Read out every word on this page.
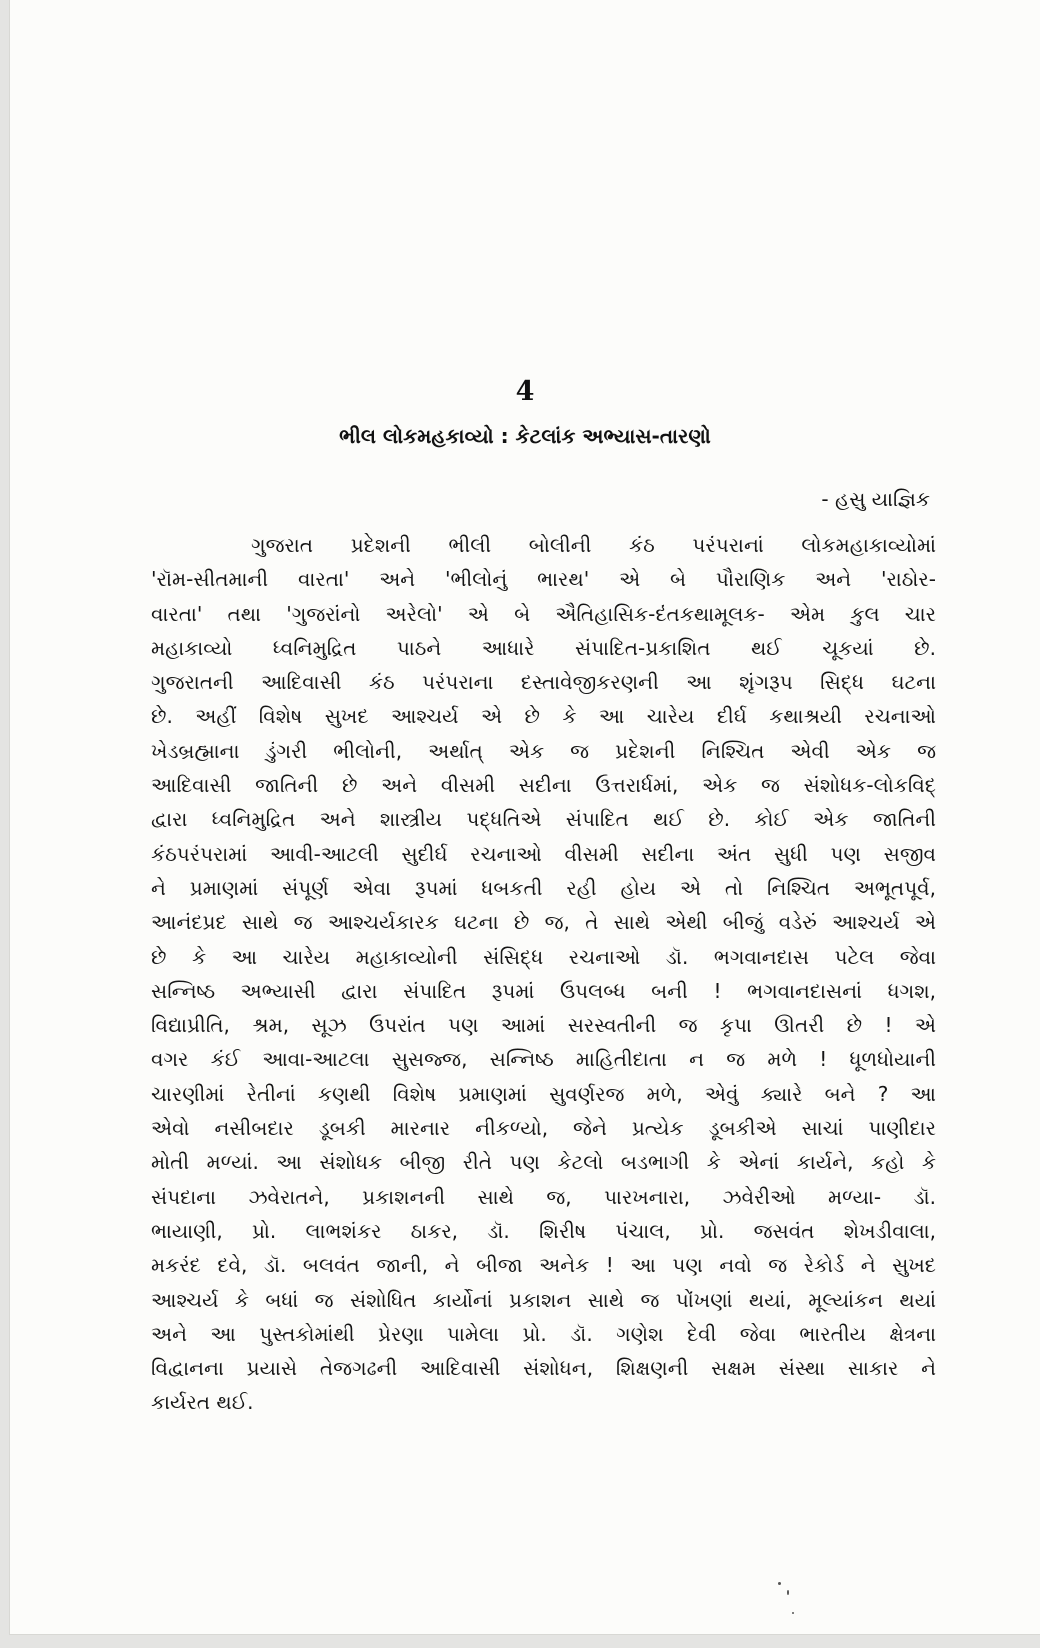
4
ભીલ લોકમહકાવ્યો : કેટલાંક અભ્યાસ-તારણો
- હસુ યાજ્ઞિક
ગુજરાત પ્રદેશની ભીલી બોલીની કંઠ પરંપરાનાં લોકમહાકાવ્યોમાં
'રૉમ-સીતમાની વારતા' અને 'ભીલોનું ભારથ' એ બે પૌરાણિક અને 'રાઠોર-
વારતા' તથા 'ગુજરાંનો અરેલો' એ બે ઐતિહાસિક-દંતકથામૂલક- એમ કુલ ચાર
મહાકાવ્યો ધ્વનિમુદ્રિત પાઠને આધારે સંપાદિત-પ્રકાશિત થઈ ચૂકયાં છે.
ગુજરાતની આદિવાસી કંઠ પરંપરાના દસ્તાવેજીકરણની આ શૃંગરૂપ સિદ્ધ ઘટના
છે. અહીં વિશેષ સુખદ આશ્ચર્ય એ છે કે આ ચારેય દીર્ઘ કથાશ્રયી રચનાઓ
ખેડબ્રહ્માના ડુંગરી ભીલોની, અર્થાત્ એક જ પ્રદેશની નિશ્ચિત એવી એક જ
આદિવાસી જાતિની છે અને વીસમી સદીના ઉત્તરાર્ધમાં, એક જ સંશોધક-લોકવિદ્
દ્વારા ધ્વનિમુદ્રિત અને શાસ્ત્રીય પદ્ધતિએ સંપાદિત થઈ છે. કોઈ એક જાતિની
કંઠપરંપરામાં આવી-આટલી સુદીર્ઘ રચનાઓ વીસમી સદીના અંત સુધી પણ સજીવ
ને પ્રમાણમાં સંપૂર્ણ એવા રૂપમાં ધબકતી રહી હોય એ તો નિશ્ચિત અભૂતપૂર્વ,
આનંદપ્રદ સાથે જ આશ્ચર્યકારક ઘટના છે જ, તે સાથે એથી બીજું વડેરું આશ્ચર્ય એ
છે કે આ ચારેય મહાકાવ્યોની સંસિદ્ધ રચનાઓ ડૉ. ભગવાનદાસ પટેલ જેવા
સન્નિષ્ઠ અભ્યાસી દ્વારા સંપાદિત રૂપમાં ઉપલબ્ધ બની ! ભગવાનદાસનાં ધગશ,
વિદ્યાપ્રીતિ, શ્રમ, સૂઝ ઉપરાંત પણ આમાં સરસ્વતીની જ કૃપા ઊતરી છે ! એ
વગર કંઈ આવા-આટલા સુસજ્જ, સન્નિષ્ઠ માહિતીદાતા ન જ મળે ! ધૂળધોયાની
ચારણીમાં રેતીનાં કણથી વિશેષ પ્રમાણમાં સુવર્ણરજ મળે, એવું ક્યારે બને ? આ
એવો નસીબદાર ડૂબકી મારનાર નીકળ્યો, જેને પ્રત્યેક ડૂબકીએ સાચાં પાણીદાર
મોતી મળ્યાં. આ સંશોધક બીજી રીતે પણ કેટલો બડભાગી કે એનાં કાર્યને, કહો કે
સંપદાના ઝવેરાતને, પ્રકાશનની સાથે જ, પારખનારા, ઝવેરીઓ મળ્યા- ડૉ.
ભાયાણી, પ્રો. લાભશંકર ઠાકર, ડૉ. શિરીષ પંચાલ, પ્રો. જસવંત શેખડીવાલા,
મકરંદ દવે, ડૉ. બલવંત જાની, ને બીજા અનેક ! આ પણ નવો જ રેકોર્ડ ને સુખદ
આશ્ચર્ય કે બધાં જ સંશોધિત કાર્યોનાં પ્રકાશન સાથે જ પોંખણાં થયાં, મૂલ્યાંકન થયાં
અને આ પુસ્તકોમાંથી પ્રેરણા પામેલા પ્રો. ડૉ. ગણેશ દેવી જેવા ભારતીય ક્ષેત્રના
વિદ્વાનના પ્રયાસે તેજગઢની આદિવાસી સંશોધન, શિક્ષણની સક્ષમ સંસ્થા સાકાર ને
કાર્યરત થઈ.
